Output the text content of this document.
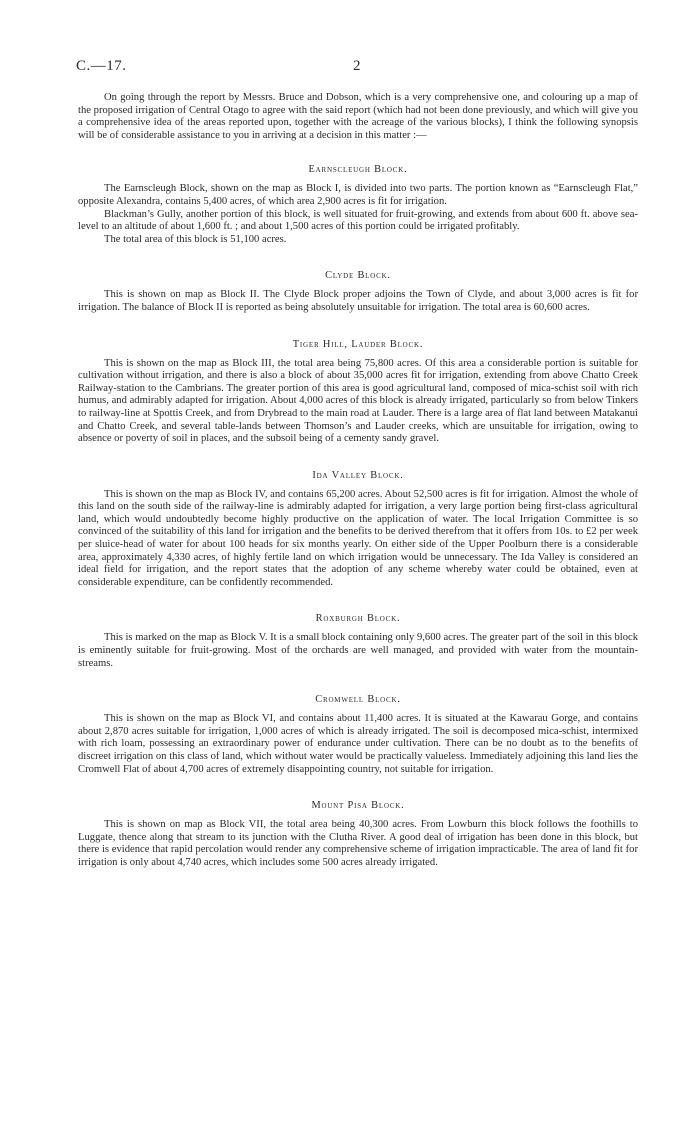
C.—17.	2

On going through the report by Messrs. Bruce and Dobson, which is a very comprehensive one, and colouring up a map of the proposed irrigation of Central Otago to agree with the said report (which had not been done previously, and which will give you a comprehensive idea of the areas reported upon, together with the acreage of the various blocks), I think the following synopsis will be of considerable assistance to you in arriving at a decision in this matter :—

Earnscleugh Block.

The Earnscleugh Block, shown on the map as Block I, is divided into two parts. The portion known as “Earnscleugh Flat,” opposite Alexandra, contains 5,400 acres, of which area 2,900 acres is fit for irrigation.

Blackman’s Gully, another portion of this block, is well situated for fruit-growing, and extends from about 600 ft. above sea-level to an altitude of about 1,600 ft. ; and about 1,500 acres of this portion could be irrigated profitably.

The total area of this block is 51,100 acres.

Clyde Block.

This is shown on map as Block II. The Clyde Block proper adjoins the Town of Clyde, and about 3,000 acres is fit for irrigation. The balance of Block II is reported as being absolutely unsuitable for irrigation. The total area is 60,600 acres.

Tiger Hill, Lauder Block.

This is shown on the map as Block III, the total area being 75,800 acres. Of this area a considerable portion is suitable for cultivation without irrigation, and there is also a block of about 35,000 acres fit for irrigation, extending from above Chatto Creek Railway-station to the Cambrians. The greater portion of this area is good agricultural land, composed of mica-schist soil with rich humus, and admirably adapted for irrigation. About 4,000 acres of this block is already irrigated, particularly so from below Tinkers to railway-line at Spottis Creek, and from Drybread to the main road at Lauder. There is a large area of flat land between Matakanui and Chatto Creek, and several table-lands between Thomson’s and Lauder creeks, which are unsuitable for irrigation, owing to absence or poverty of soil in places, and the subsoil being of a cementy sandy gravel.

Ida Valley Block.

This is shown on the map as Block IV, and contains 65,200 acres. About 52,500 acres is fit for irrigation. Almost the whole of this land on the south side of the railway-line is admirably adapted for irrigation, a very large portion being first-class agricultural land, which would undoubtedly become highly productive on the application of water. The local Irrigation Committee is so convinced of the suitability of this land for irrigation and the benefits to be derived therefrom that it offers from 10s. to £2 per week per sluice-head of water for about 100 heads for six months yearly. On either side of the Upper Poolburn there is a considerable area, approximately 4,330 acres, of highly fertile land on which irrigation would be unnecessary. The Ida Valley is considered an ideal field for irrigation, and the report states that the adoption of any scheme whereby water could be obtained, even at considerable expenditure, can be confidently recommended.

Roxburgh Block.

This is marked on the map as Block V. It is a small block containing only 9,600 acres. The greater part of the soil in this block is eminently suitable for fruit-growing. Most of the orchards are well managed, and provided with water from the mountain-streams.

Cromwell Block.

This is shown on the map as Block VI, and contains about 11,400 acres. It is situated at the Kawarau Gorge, and contains about 2,870 acres suitable for irrigation, 1,000 acres of which is already irrigated. The soil is decomposed mica-schist, intermixed with rich loam, possessing an extraordinary power of endurance under cultivation. There can be no doubt as to the benefits of discreet irrigation on this class of land, which without water would be practically valueless. Immediately adjoining this land lies the Cromwell Flat of about 4,700 acres of extremely disappointing country, not suitable for irrigation.

Mount Pisa Block.

This is shown on map as Block VII, the total area being 40,300 acres. From Lowburn this block follows the foothills to Luggate, thence along that stream to its junction with the Clutha River. A good deal of irrigation has been done in this block, but there is evidence that rapid percolation would render any comprehensive scheme of irrigation impracticable. The area of land fit for irrigation is only about 4,740 acres, which includes some 500 acres already irrigated.
